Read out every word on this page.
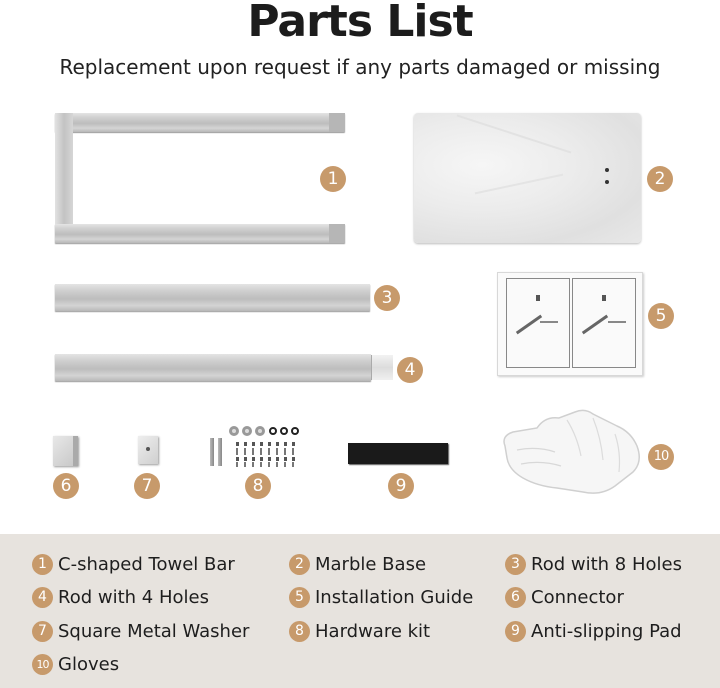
Parts List
Replacement upon request if any parts damaged or missing
1	2
3
4
5
6	7	8	9
10
1 C-shaped Towel Bar	2 Marble Base	3 Rod with 8 Holes
4 Rod with 4 Holes	5 Installation Guide	6 Connector
7 Square Metal Washer	8 Hardware kit	9 Anti-slipping Pad
10 Gloves
